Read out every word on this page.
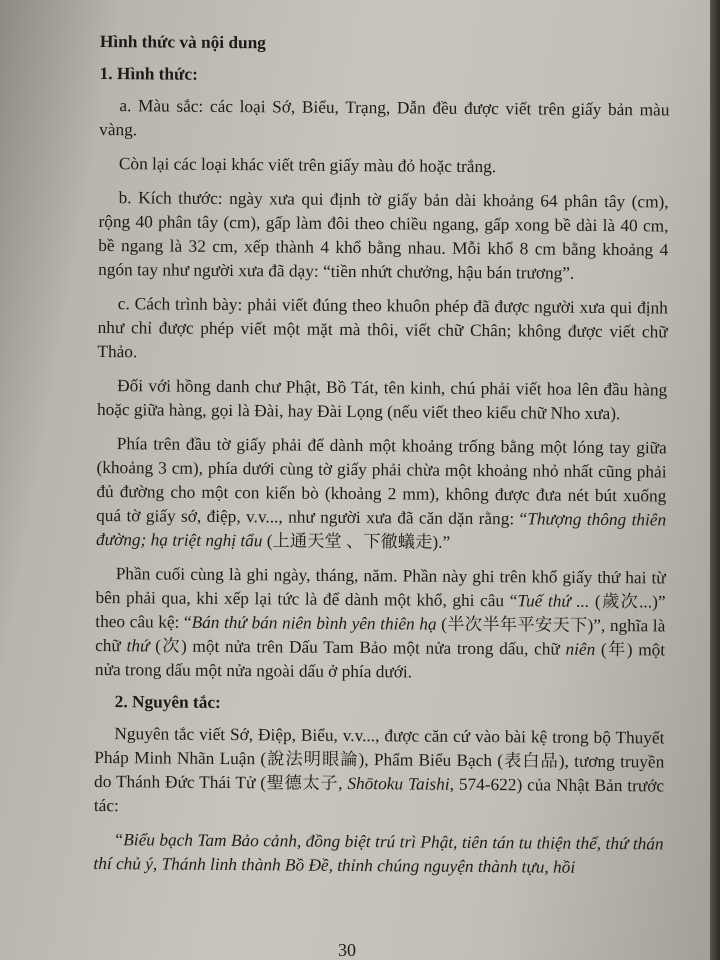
Hình thức và nội dung

1. Hình thức:

a. Màu sắc: các loại Sớ, Biểu, Trạng, Dẫn đều được viết trên giấy bản màu vàng.

Còn lại các loại khác viết trên giấy màu đỏ hoặc trắng.

b. Kích thước: ngày xưa qui định tờ giấy bản dài khoảng 64 phân tây (cm), rộng 40 phân tây (cm), gấp làm đôi theo chiều ngang, gấp xong bề dài là 40 cm, bề ngang là 32 cm, xếp thành 4 khổ bằng nhau. Mỗi khổ 8 cm bằng khoảng 4 ngón tay như người xưa đã dạy: “tiền nhứt chưởng, hậu bán trương”.

c. Cách trình bày: phải viết đúng theo khuôn phép đã được người xưa qui định như chỉ được phép viết một mặt mà thôi, viết chữ Chân; không được viết chữ Thảo.

Đối với hồng danh chư Phật, Bồ Tát, tên kinh, chú phải viết hoa lên đầu hàng hoặc giữa hàng, gọi là Đài, hay Đài Lọng (nếu viết theo kiểu chữ Nho xưa).

Phía trên đầu tờ giấy phải để dành một khoảng trống bằng một lóng tay giữa (khoảng 3 cm), phía dưới cùng tờ giấy phải chừa một khoảng nhỏ nhất cũng phải đủ đường cho một con kiến bò (khoảng 2 mm), không được đưa nét bút xuống quá tờ giấy sớ, điệp, v.v..., như người xưa đã căn dặn rằng: “Thượng thông thiên đường; hạ triệt nghị tẩu (上通天堂 、下徹蟻走).”

Phần cuối cùng là ghi ngày, tháng, năm. Phần này ghi trên khổ giấy thứ hai từ bên phải qua, khi xếp lại tức là để dành một khổ, ghi câu “Tuế thứ ... (歲次...)” theo câu kệ: “Bán thứ bán niên bình yên thiên hạ (半次半年平安天下)”, nghĩa là chữ thứ (次) một nửa trên Dấu Tam Bảo một nửa trong dấu, chữ niên (年) một nửa trong dấu một nửa ngoài dấu ở phía dưới.

2. Nguyên tắc:

Nguyên tắc viết Sớ, Điệp, Biểu, v.v..., được căn cứ vào bài kệ trong bộ Thuyết Pháp Minh Nhãn Luận (說法明眼論), Phẩm Biểu Bạch (表白品), tương truyền do Thánh Đức Thái Tử (聖德太子, Shōtoku Taishi, 574-622) của Nhật Bản trước tác:

“Biểu bạch Tam Bảo cảnh, đồng biệt trú trì Phật, tiên tán tu thiện thể, thứ thán thí chủ ý, Thánh linh thành Bồ Đề, thỉnh chúng nguyện thành tựu, hồi

30
